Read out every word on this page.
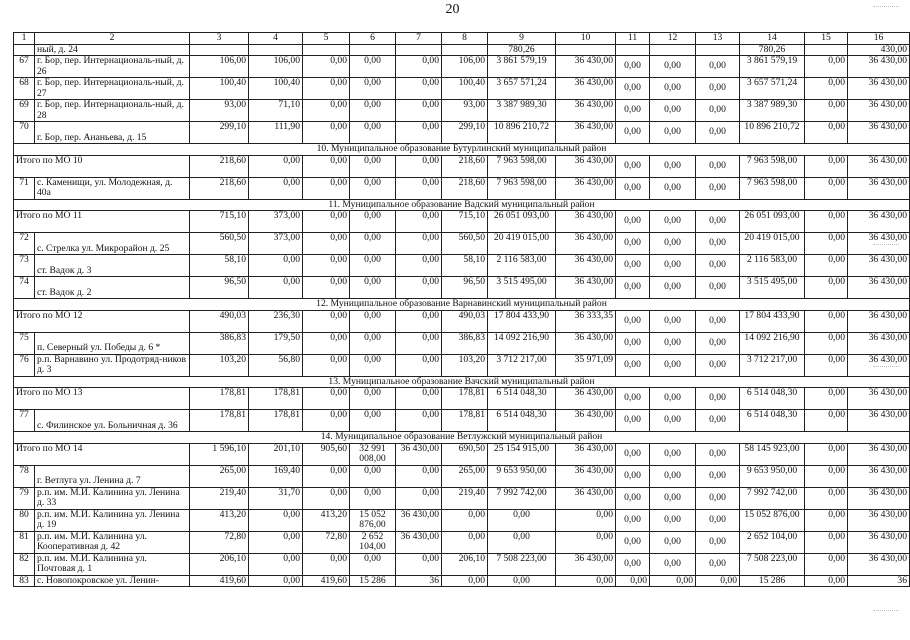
20
1	2	3	4	5	6	7	8	9	10	11	12	13	14	15	16
	ный, д. 24							780,26					780,26		430,00
67	г. Бор, пер. Интернациональ-ный, д. 26	106,00	106,00	0,00	0,00	0,00	106,00	3 861 579,19	36 430,00	0,00	0,00	0,00	3 861 579,19	0,00	36 430,00
68	г. Бор, пер. Интернациональ-ный, д. 27	100,40	100,40	0,00	0,00	0,00	100,40	3 657 571,24	36 430,00	0,00	0,00	0,00	3 657 571,24	0,00	36 430,00
69	г. Бор, пер. Интернациональ-ный, д. 28	93,00	71,10	0,00	0,00	0,00	93,00	3 387 989,30	36 430,00	0,00	0,00	0,00	3 387 989,30	0,00	36 430,00
70	г. Бор, пер. Ананьева, д. 15	299,10	111,90	0,00	0,00	0,00	299,10	10 896 210,72	36 430,00	0,00	0,00	0,00	10 896 210,72	0,00	36 430,00
10. Муниципальное образование Бутурлинский муниципальный район															
Итого по МО 10		218,60	0,00	0,00	0,00	0,00	218,60	7 963 598,00	36 430,00	0,00	0,00	0,00	7 963 598,00	0,00	36 430,00
71	с. Каменищи, ул. Молодежная, д. 40а	218,60	0,00	0,00	0,00	0,00	218,60	7 963 598,00	36 430,00	0,00	0,00	0,00	7 963 598,00	0,00	36 430,00
11. Муниципальное образование Вадский муниципальный район															
Итого по МО 11		715,10	373,00	0,00	0,00	0,00	715,10	26 051 093,00	36 430,00	0,00	0,00	0,00	26 051 093,00	0,00	36 430,00
72	с. Стрелка ул. Микрорайон д. 25	560,50	373,00	0,00	0,00	0,00	560,50	20 419 015,00	36 430,00	0,00	0,00	0,00	20 419 015,00	0,00	36 430,00
73	ст. Вадок д. 3	58,10	0,00	0,00	0,00	0,00	58,10	2 116 583,00	36 430,00	0,00	0,00	0,00	2 116 583,00	0,00	36 430,00
74	ст. Вадок д. 2	96,50	0,00	0,00	0,00	0,00	96,50	3 515 495,00	36 430,00	0,00	0,00	0,00	3 515 495,00	0,00	36 430,00
12. Муниципальное образование Варнавинский муниципальный район															
Итого по МО 12		490,03	236,30	0,00	0,00	0,00	490,03	17 804 433,90	36 333,35	0,00	0,00	0,00	17 804 433,90	0,00	36 430,00
75	п. Северный ул. Победы д. 6 *	386,83	179,50	0,00	0,00	0,00	386,83	14 092 216,90	36 430,00	0,00	0,00	0,00	14 092 216,90	0,00	36 430,00
76	р.п. Варнавино ул. Продотряд-ников д. 3	103,20	56,80	0,00	0,00	0,00	103,20	3 712 217,00	35 971,09	0,00	0,00	0,00	3 712 217,00	0,00	36 430,00
13. Муниципальное образование Вачский муниципальный район															
Итого по МО 13		178,81	178,81	0,00	0,00	0,00	178,81	6 514 048,30	36 430,00	0,00	0,00	0,00	6 514 048,30	0,00	36 430,00
77	с. Филинское ул. Больничная д. 36	178,81	178,81	0,00	0,00	0,00	178,81	6 514 048,30	36 430,00	0,00	0,00	0,00	6 514 048,30	0,00	36 430,00
14. Муниципальное образование Ветлужский муниципальный район															
Итого по МО 14		1 596,10	201,10	905,60	32 991 008,00	36 430,00	690,50	25 154 915,00	36 430,00	0,00	0,00	0,00	58 145 923,00	0,00	36 430,00
78	г. Ветлуга ул. Ленина д. 7	265,00	169,40	0,00	0,00	0,00	265,00	9 653 950,00	36 430,00	0,00	0,00	0,00	9 653 950,00	0,00	36 430,00
79	р.п. им. М.И. Калинина ул. Ленина д. 33	219,40	31,70	0,00	0,00	0,00	219,40	7 992 742,00	36 430,00	0,00	0,00	0,00	7 992 742,00	0,00	36 430,00
80	р.п. им. М.И. Калинина ул. Ленина д. 19	413,20	0,00	413,20	15 052 876,00	36 430,00	0,00	0,00	0,00	0,00	0,00	0,00	15 052 876,00	0,00	36 430,00
81	р.п. им. М.И. Калинина ул. Кооперативная д. 42	72,80	0,00	72,80	2 652 104,00	36 430,00	0,00	0,00	0,00	0,00	0,00	0,00	2 652 104,00	0,00	36 430,00
82	р.п. им. М.И. Калинина ул. Почтовая д. 1	206,10	0,00	0,00	0,00	0,00	206,10	7 508 223,00	36 430,00	0,00	0,00	0,00	7 508 223,00	0,00	36 430,00
83	с. Новопокровское ул. Ленин-	419,60	0,00	419,60	15 286	36	0,00	0,00	0,00	0,00	0,00	0,00	15 286	0,00	36
